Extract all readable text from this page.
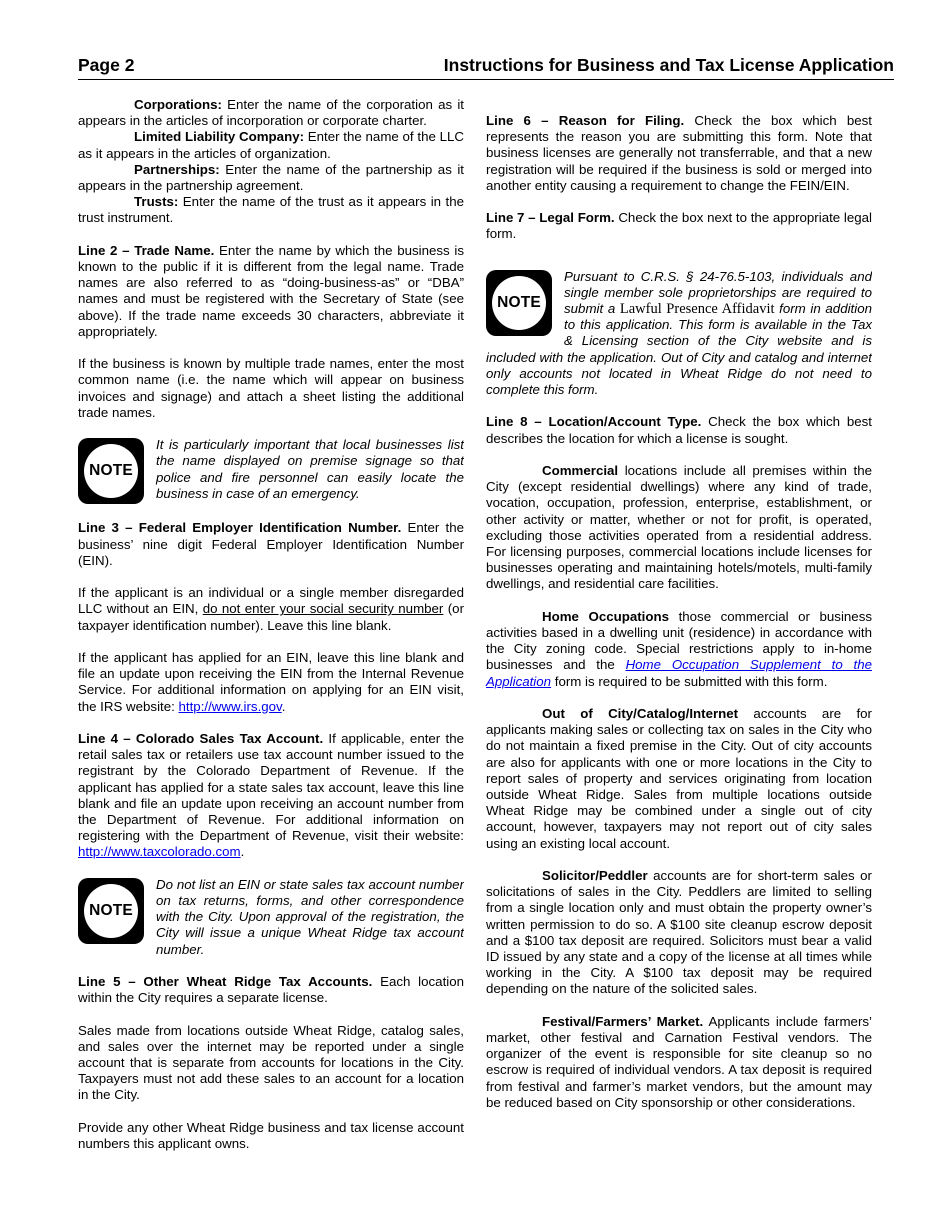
Page 2	Instructions for Business and Tax License Application

Corporations: Enter the name of the corporation as it appears in the articles of incorporation or corporate charter.

Limited Liability Company: Enter the name of the LLC as it appears in the articles of organization.

Partnerships: Enter the name of the partnership as it appears in the partnership agreement.

Trusts: Enter the name of the trust as it appears in the trust instrument.

Line 2 – Trade Name. Enter the name by which the business is known to the public if it is different from the legal name. Trade names are also referred to as “doing-business-as” or “DBA” names and must be registered with the Secretary of State (see above). If the trade name exceeds 30 characters, abbreviate it appropriately.

If the business is known by multiple trade names, enter the most common name (i.e. the name which will appear on business invoices and signage) and attach a sheet listing the additional trade names.

NOTE

It is particularly important that local businesses list the name displayed on premise signage so that police and fire personnel can easily locate the business in case of an emergency.

Line 3 – Federal Employer Identification Number. Enter the business’ nine digit Federal Employer Identification Number (EIN).

If the applicant is an individual or a single member disregarded LLC without an EIN, do not enter your social security number (or taxpayer identification number). Leave this line blank.

If the applicant has applied for an EIN, leave this line blank and file an update upon receiving the EIN from the Internal Revenue Service. For additional information on applying for an EIN visit, the IRS website: http://www.irs.gov.

Line 4 – Colorado Sales Tax Account. If applicable, enter the retail sales tax or retailers use tax account number issued to the registrant by the Colorado Department of Revenue. If the applicant has applied for a state sales tax account, leave this line blank and file an update upon receiving an account number from the Department of Revenue. For additional information on registering with the Department of Revenue, visit their website: http://www.taxcolorado.com.

NOTE

Do not list an EIN or state sales tax account number on tax returns, forms, and other correspondence with the City. Upon approval of the registration, the City will issue a unique Wheat Ridge tax account number.

Line 5 – Other Wheat Ridge Tax Accounts. Each location within the City requires a separate license.

Sales made from locations outside Wheat Ridge, catalog sales, and sales over the internet may be reported under a single account that is separate from accounts for locations in the City. Taxpayers must not add these sales to an account for a location in the City.

Provide any other Wheat Ridge business and tax license account numbers this applicant owns.

Line 6 – Reason for Filing. Check the box which best represents the reason you are submitting this form. Note that business licenses are generally not transferrable, and that a new registration will be required if the business is sold or merged into another entity causing a requirement to change the FEIN/EIN.

Line 7 – Legal Form. Check the box next to the appropriate legal form.

NOTE

Pursuant to C.R.S. § 24-76.5-103, individuals and single member sole proprietorships are required to submit a Lawful Presence Affidavit form in addition to this application. This form is available in the Tax & Licensing section of the City website and is included with the application. Out of City and catalog and internet only accounts not located in Wheat Ridge do not need to complete this form.

Line 8 – Location/Account Type. Check the box which best describes the location for which a license is sought.

Commercial locations include all premises within the City (except residential dwellings) where any kind of trade, vocation, occupation, profession, enterprise, establishment, or other activity or matter, whether or not for profit, is operated, excluding those activities operated from a residential address. For licensing purposes, commercial locations include licenses for businesses operating and maintaining hotels/motels, multi-family dwellings, and residential care facilities.

Home Occupations those commercial or business activities based in a dwelling unit (residence) in accordance with the City zoning code. Special restrictions apply to in-home businesses and the Home Occupation Supplement to the Application form is required to be submitted with this form.

Out of City/Catalog/Internet accounts are for applicants making sales or collecting tax on sales in the City who do not maintain a fixed premise in the City. Out of city accounts are also for applicants with one or more locations in the City to report sales of property and services originating from location outside Wheat Ridge. Sales from multiple locations outside Wheat Ridge may be combined under a single out of city account, however, taxpayers may not report out of city sales using an existing local account.

Solicitor/Peddler accounts are for short-term sales or solicitations of sales in the City. Peddlers are limited to selling from a single location only and must obtain the property owner’s written permission to do so. A $100 site cleanup escrow deposit and a $100 tax deposit are required. Solicitors must bear a valid ID issued by any state and a copy of the license at all times while working in the City. A $100 tax deposit may be required depending on the nature of the solicited sales.

Festival/Farmers’ Market. Applicants include farmers’ market, other festival and Carnation Festival vendors. The organizer of the event is responsible for site cleanup so no escrow is required of individual vendors. A tax deposit is required from festival and farmer’s market vendors, but the amount may be reduced based on City sponsorship or other considerations.
